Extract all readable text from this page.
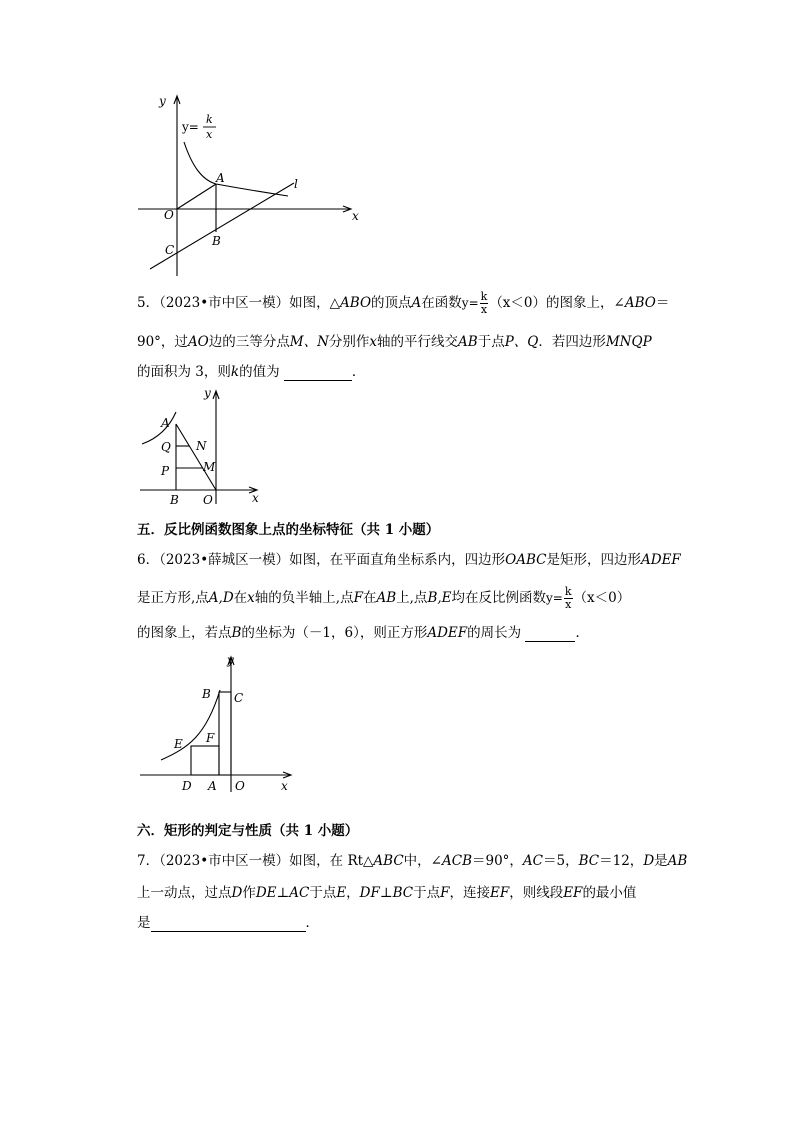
y
x
y=
k
x
A
B
C
O
l
5．（2023•市中区一模）如图，△ABO的顶点A在函数$y= \frac{k}{x} (x<0)$的图象上，∠ABO＝
90°，过AO边的三等分点M、N分别作x轴的平行线交AB于点P、Q．若四边形MNQP
的面积为 3，则k的值为	．
y
x
A
Q N
P	M
B O
五．反比例函数图象上点的坐标特征（共 1 小题）
6．（2023•薛城区一模）如图，在平面直角坐标系内，四边形OABC是矩形，四边形ADEF
是正方形,点A,D在x轴的负半轴上,点F在AB上,点B,E均在反比例函数$y= \frac{k}{x} (x<0)$
的图象上，若点B的坐标为（－1，6），则正方形ADEF的周长为	．
y
x
B C
E F
D A O
六．矩形的判定与性质（共 1 小题）
7．（2023•市中区一模）如图，在 Rt△ABC中，∠ACB＝90°，AC＝5，BC＝12，D是AB
上一动点，过点D作DE⊥AC于点E，DF⊥BC于点F，连接EF，则线段EF的最小值
是	．
